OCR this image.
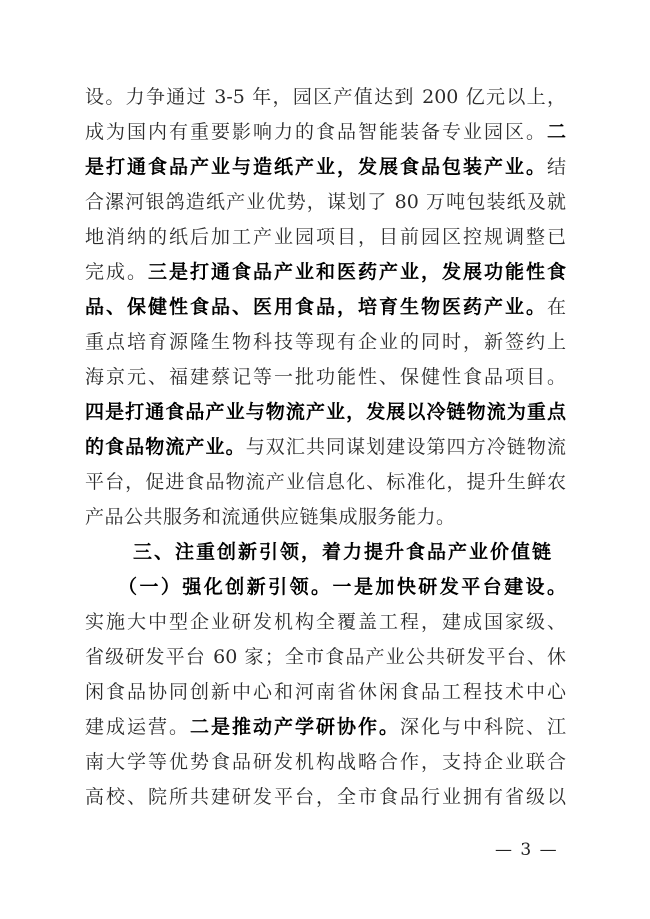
设。力争通过 3-5 年，园区产值达到 200 亿元以上，
成为国内有重要影响力的食品智能装备专业园区。二
是打通食品产业与造纸产业，发展食品包装产业。结
合漯河银鸽造纸产业优势，谋划了 80 万吨包装纸及就
地消纳的纸后加工产业园项目，目前园区控规调整已
完成。三是打通食品产业和医药产业，发展功能性食
品、保健性食品、医用食品，培育生物医药产业。在
重点培育源隆生物科技等现有企业的同时，新签约上
海京元、福建蔡记等一批功能性、保健性食品项目。
四是打通食品产业与物流产业，发展以冷链物流为重点
的食品物流产业。与双汇共同谋划建设第四方冷链物流
平台，促进食品物流产业信息化、标准化，提升生鲜农
产品公共服务和流通供应链集成服务能力。
三、注重创新引领，着力提升食品产业价值链
（一）强化创新引领。一是加快研发平台建设。
实施大中型企业研发机构全覆盖工程，建成国家级、
省级研发平台 60 家；全市食品产业公共研发平台、休
闲食品协同创新中心和河南省休闲食品工程技术中心
建成运营。二是推动产学研协作。深化与中科院、江
南大学等优势食品研发机构战略合作，支持企业联合
高校、院所共建研发平台，全市食品行业拥有省级以
— 3 —
